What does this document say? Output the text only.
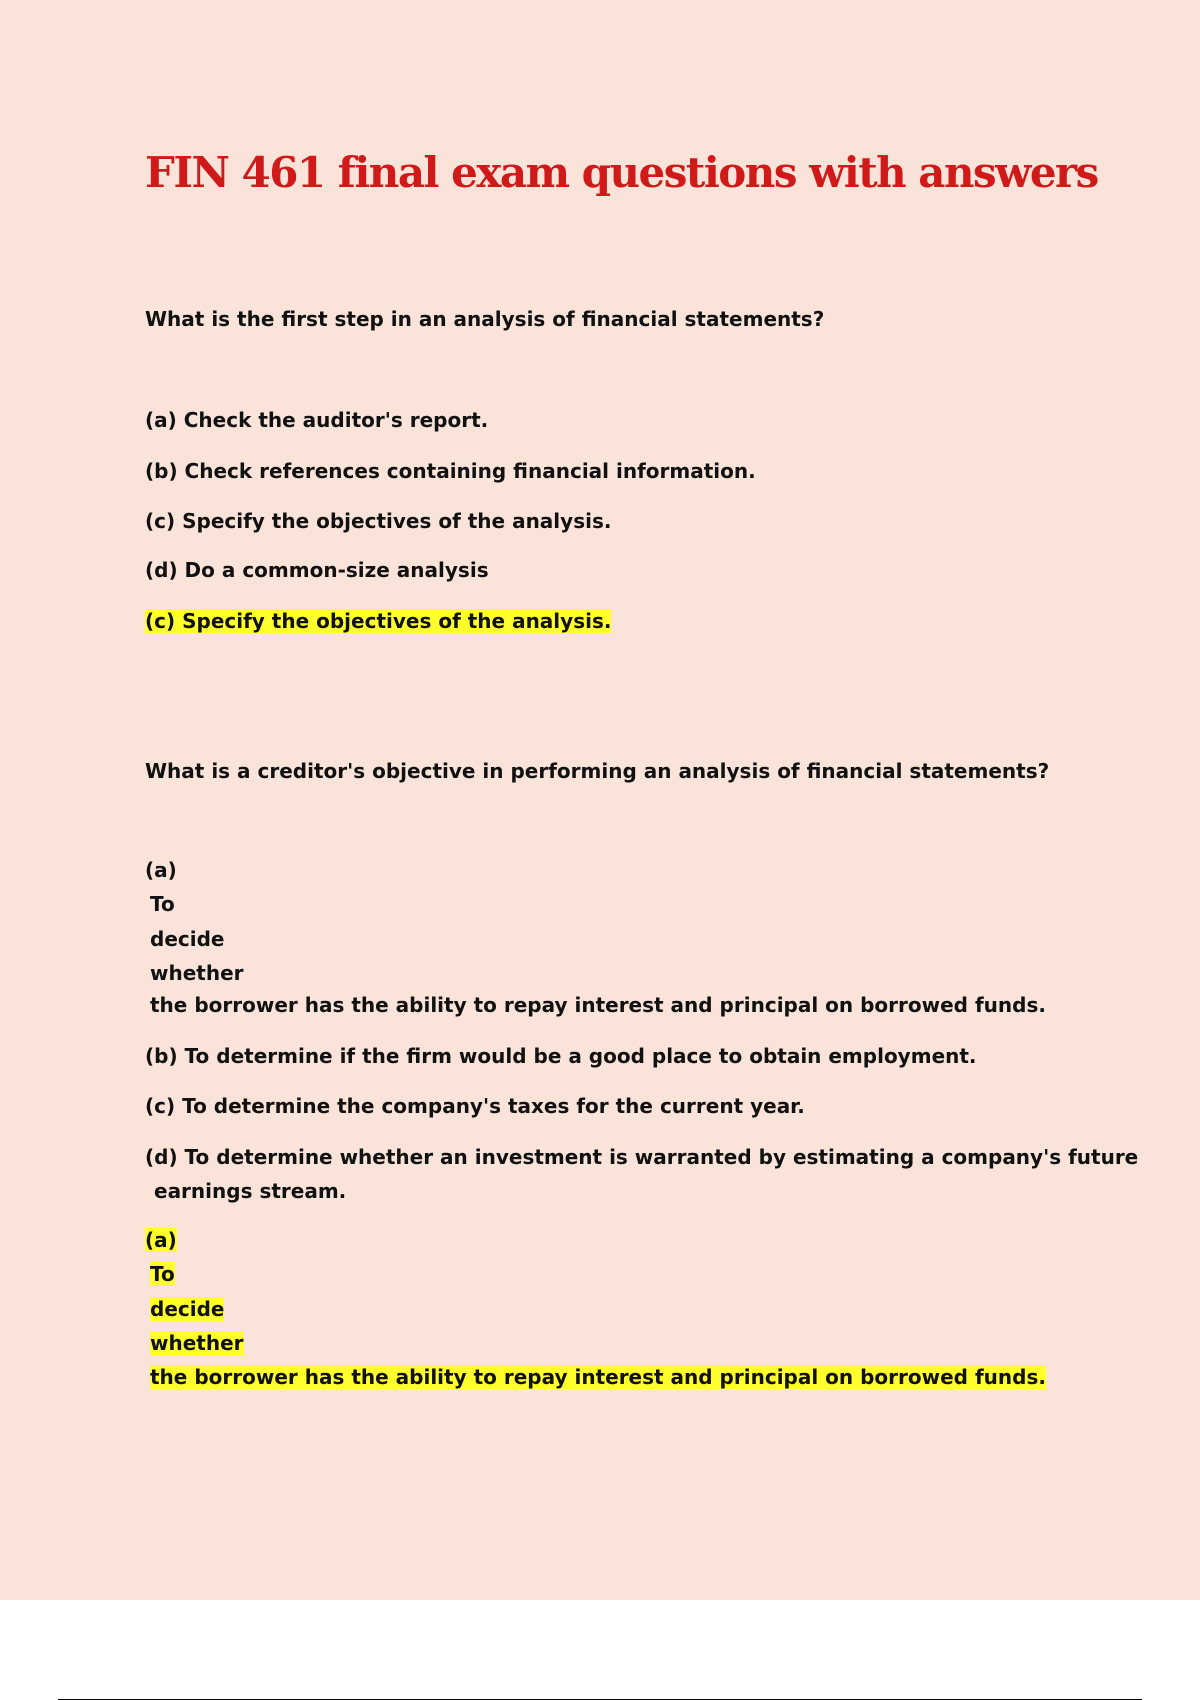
FIN 461 final exam questions with answers
What is the first step in an analysis of financial statements?
(a) Check the auditor's report.
(b) Check references containing financial information.
(c) Specify the objectives of the analysis.
(d) Do a common-size analysis
(c) Specify the objectives of the analysis.
What is a creditor's objective in performing an analysis of financial statements?
(a)
To
decide
whether
the borrower has the ability to repay interest and principal on borrowed funds.
(b) To determine if the firm would be a good place to obtain employment.
(c) To determine the company's taxes for the current year.
(d) To determine whether an investment is warranted by estimating a company's future
earnings stream.
(a)
To
decide
whether
the borrower has the ability to repay interest and principal on borrowed funds.
